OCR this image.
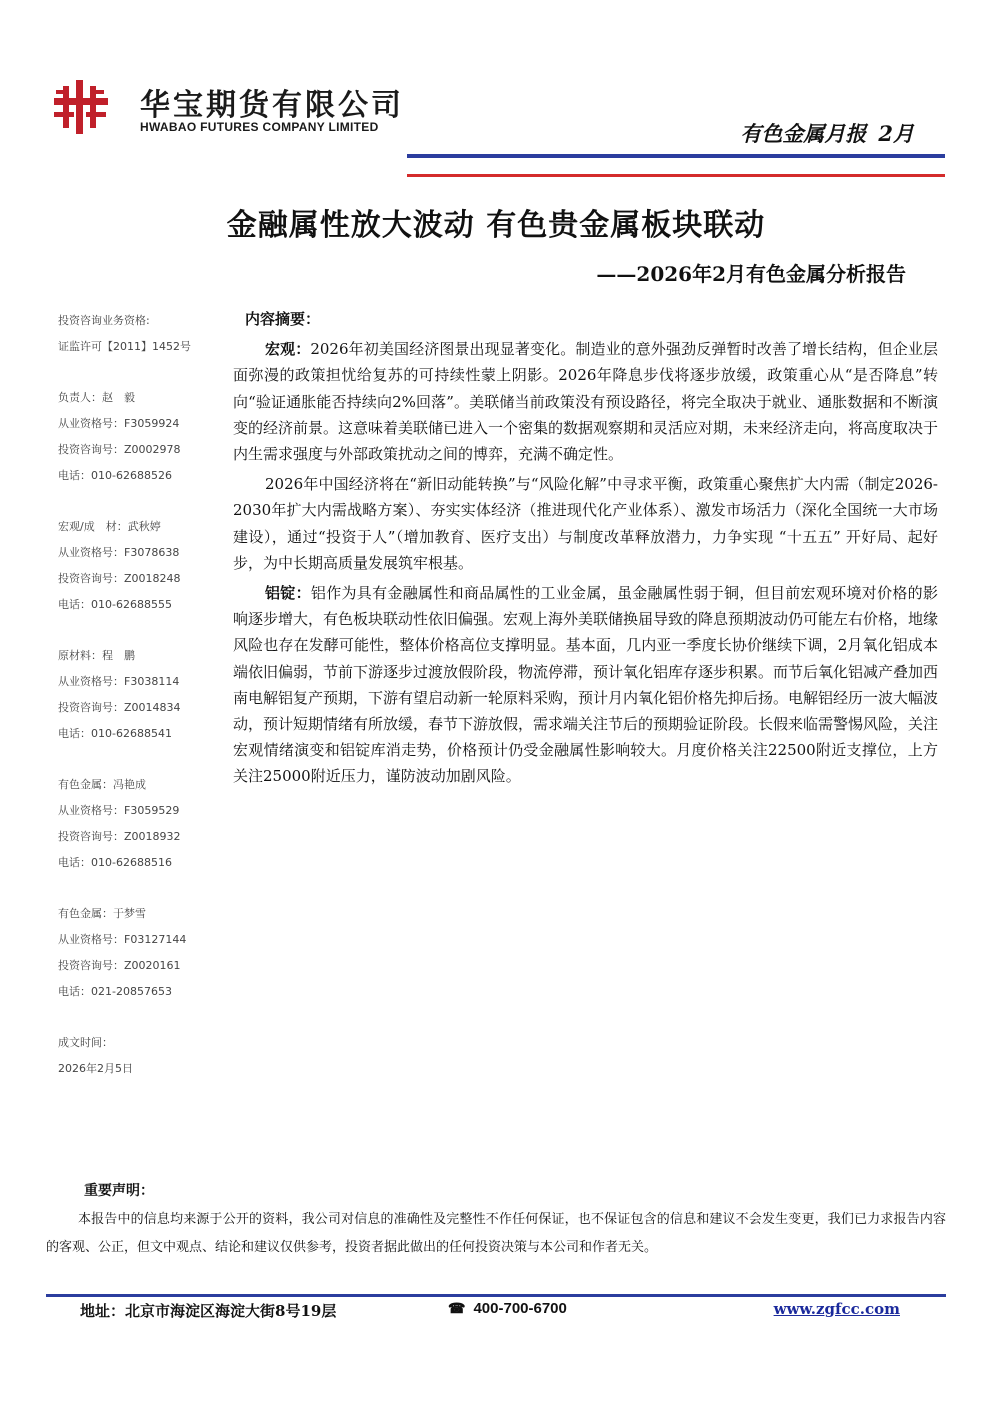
华宝期货有限公司
HWABAO FUTURES COMPANY LIMITED	有色金属月报 2月
金融属性放大波动 有色贵金属板块联动
——2026年2月有色金属分析报告
投资咨询业务资格:
证监许可【2011】1452号
负责人：赵　毅
从业资格号：F3059924
投资咨询号：Z0002978
电话：010-62688526
宏观/成　材：武秋婷
从业资格号：F3078638
投资咨询号：Z0018248
电话：010-62688555
原材料：程　鹏
从业资格号：F3038114
投资咨询号：Z0014834
电话：010-62688541
有色金属：冯艳成
从业资格号：F3059529
投资咨询号：Z0018932
电话：010-62688516
有色金属：于梦雪
从业资格号：F03127144
投资咨询号：Z0020161
电话：021-20857653
成文时间：
2026年2月5日
内容摘要：

宏观：2026年初美国经济图景出现显著变化。制造业的意外强劲反弹暂时改善了增长结构，但企业层面弥漫的政策担忧给复苏的可持续性蒙上阴影。2026年降息步伐将逐步放缓，政策重心从“是否降息”转向“验证通胀能否持续向2%回落”。美联储当前政策没有预设路径，将完全取决于就业、通胀数据和不断演变的经济前景。这意味着美联储已进入一个密集的数据观察期和灵活应对期，未来经济走向，将高度取决于内生需求强度与外部政策扰动之间的博弈，充满不确定性。

2026年中国经济将在“新旧动能转换”与“风险化解”中寻求平衡，政策重心聚焦扩大内需（制定2026-2030年扩大内需战略方案）、夯实实体经济（推进现代化产业体系）、激发市场活力（深化全国统一大市场建设），通过“投资于人”（增加教育、医疗支出）与制度改革释放潜力，力争实现 “十五五” 开好局、起好步，为中长期高质量发展筑牢根基。

铝锭：铝作为具有金融属性和商品属性的工业金属，虽金融属性弱于铜，但目前宏观环境对价格的影响逐步增大，有色板块联动性依旧偏强。宏观上海外美联储换届导致的降息预期波动仍可能左右价格，地缘风险也存在发酵可能性，整体价格高位支撑明显。基本面，几内亚一季度长协价继续下调，2月氧化铝成本端依旧偏弱，节前下游逐步过渡放假阶段，物流停滞，预计氧化铝库存逐步积累。而节后氧化铝减产叠加西南电解铝复产预期，下游有望启动新一轮原料采购，预计月内氧化铝价格先抑后扬。电解铝经历一波大幅波动，预计短期情绪有所放缓，春节下游放假，需求端关注节后的预期验证阶段。长假来临需警惕风险，关注宏观情绪演变和铝锭库消走势，价格预计仍受金融属性影响较大。月度价格关注22500附近支撑位，上方关注25000附近压力，谨防波动加剧风险。

重要声明：
本报告中的信息均来源于公开的资料，我公司对信息的准确性及完整性不作任何保证，也不保证包含的信息和建议不会发生变更，我们已力求报告内容的客观、公正，但文中观点、结论和建议仅供参考，投资者据此做出的任何投资决策与本公司和作者无关。
地址：北京市海淀区海淀大街8号19层	☎ 400-700-6700	www.zgfcc.com
